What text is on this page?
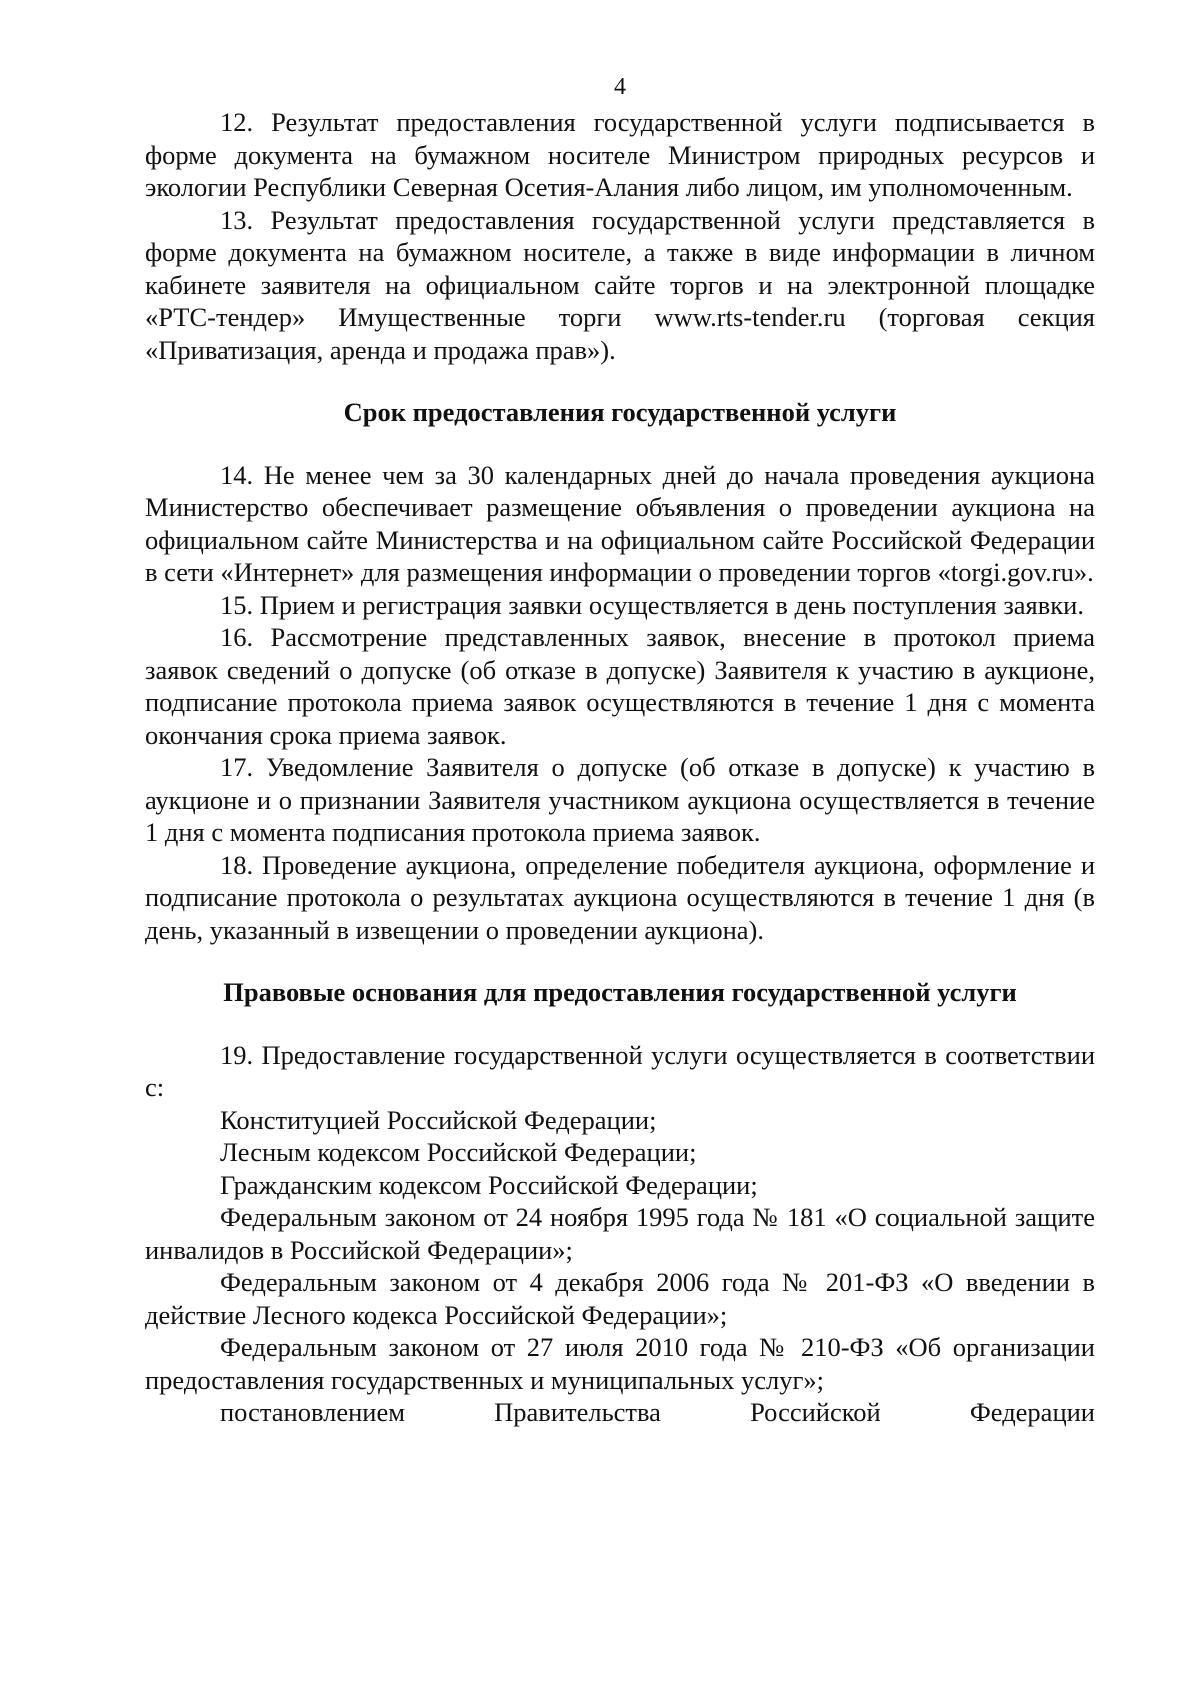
4

12. Результат предоставления государственной услуги подписывается в форме документа на бумажном носителе Министром природных ресурсов и экологии Республики Северная Осетия-Алания либо лицом, им уполномоченным.

13. Результат предоставления государственной услуги представляется в форме документа на бумажном носителе, а также в виде информации в личном кабинете заявителя на официальном сайте торгов и на электронной площадке «РТС-тендер» Имущественные торги www.rts-tender.ru (торговая секция «Приватизация, аренда и продажа прав»).

Срок предоставления государственной услуги

14. Не менее чем за 30 календарных дней до начала проведения аукциона Министерство обеспечивает размещение объявления о проведении аукциона на официальном сайте Министерства и на официальном сайте Российской Федерации в сети «Интернет» для размещения информации о проведении торгов «torgi.gov.ru».

15. Прием и регистрация заявки осуществляется в день поступления заявки.

16. Рассмотрение представленных заявок, внесение в протокол приема заявок сведений о допуске (об отказе в допуске) Заявителя к участию в аукционе, подписание протокола приема заявок осуществляются в течение 1 дня с момента окончания срока приема заявок.

17. Уведомление Заявителя о допуске (об отказе в допуске) к участию в аукционе и о признании Заявителя участником аукциона осуществляется в течение 1 дня с момента подписания протокола приема заявок.

18. Проведение аукциона, определение победителя аукциона, оформление и подписание протокола о результатах аукциона осуществляются в течение 1 дня (в день, указанный в извещении о проведении аукциона).

Правовые основания для предоставления государственной услуги

19. Предоставление государственной услуги осуществляется в соответствии с:

Конституцией Российской Федерации;

Лесным кодексом Российской Федерации;

Гражданским кодексом Российской Федерации;

Федеральным законом от 24 ноября 1995 года № 181 «О социальной защите инвалидов в Российской Федерации»;

Федеральным законом от 4 декабря 2006 года № 201-ФЗ «О введении в действие Лесного кодекса Российской Федерации»;

Федеральным законом от 27 июля 2010 года № 210-ФЗ «Об организации предоставления государственных и муниципальных услуг»;

постановлением Правительства Российской Федерации
